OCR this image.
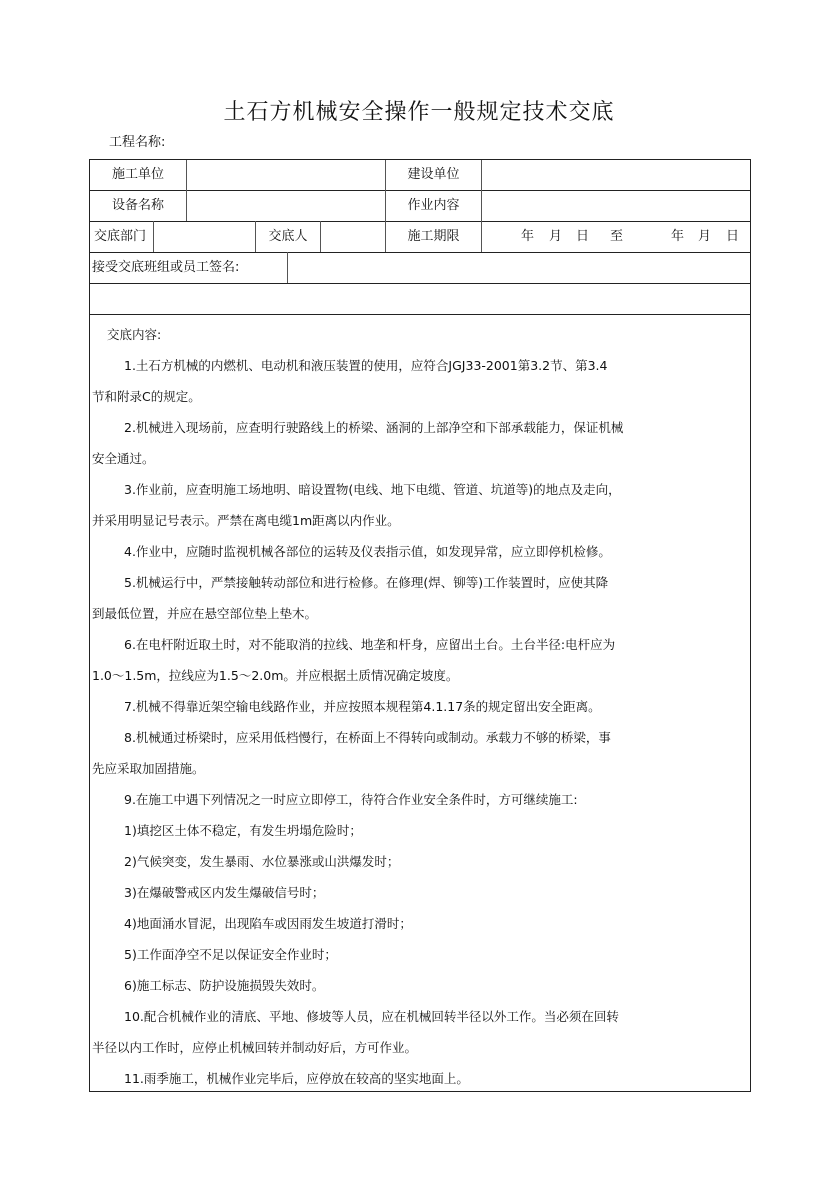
土石方机械安全操作一般规定技术交底
工程名称:
施工单位	建设单位
设备名称	作业内容
交底部门	交底人	施工期限	年 月 日 至	年 月 日
接受交底班组或员工签名:
交底内容:
1.土石方机械的内燃机、电动机和液压装置的使用，应符合JGJ33-2001第3.2节、第3.4
节和附录C的规定。
2.机械进入现场前，应查明行驶路线上的桥梁、涵洞的上部净空和下部承载能力，保证机械
安全通过。
3.作业前，应查明施工场地明、暗设置物(电线、地下电缆、管道、坑道等)的地点及走向，
并采用明显记号表示。严禁在离电缆1m距离以内作业。
4.作业中，应随时监视机械各部位的运转及仪表指示值，如发现异常，应立即停机检修。
5.机械运行中，严禁接触转动部位和进行检修。在修理(焊、铆等)工作装置时，应使其降
到最低位置，并应在悬空部位垫上垫木。
6.在电杆附近取土时，对不能取消的拉线、地垄和杆身，应留出土台。土台半径:电杆应为
1.0～1.5m，拉线应为1.5～2.0m。并应根据土质情况确定坡度。
7.机械不得靠近架空输电线路作业，并应按照本规程第4.1.17条的规定留出安全距离。
8.机械通过桥梁时，应采用低档慢行，在桥面上不得转向或制动。承载力不够的桥梁，事
先应采取加固措施。
9.在施工中遇下列情况之一时应立即停工，待符合作业安全条件时，方可继续施工:
1)填挖区土体不稳定，有发生坍塌危险时；
2)气候突变，发生暴雨、水位暴涨或山洪爆发时；
3)在爆破警戒区内发生爆破信号时；
4)地面涌水冒泥，出现陷车或因雨发生坡道打滑时；
5)工作面净空不足以保证安全作业时；
6)施工标志、防护设施损毁失效时。
10.配合机械作业的清底、平地、修坡等人员，应在机械回转半径以外工作。当必须在回转
半径以内工作时，应停止机械回转并制动好后，方可作业。
11.雨季施工，机械作业完毕后，应停放在较高的坚实地面上。
